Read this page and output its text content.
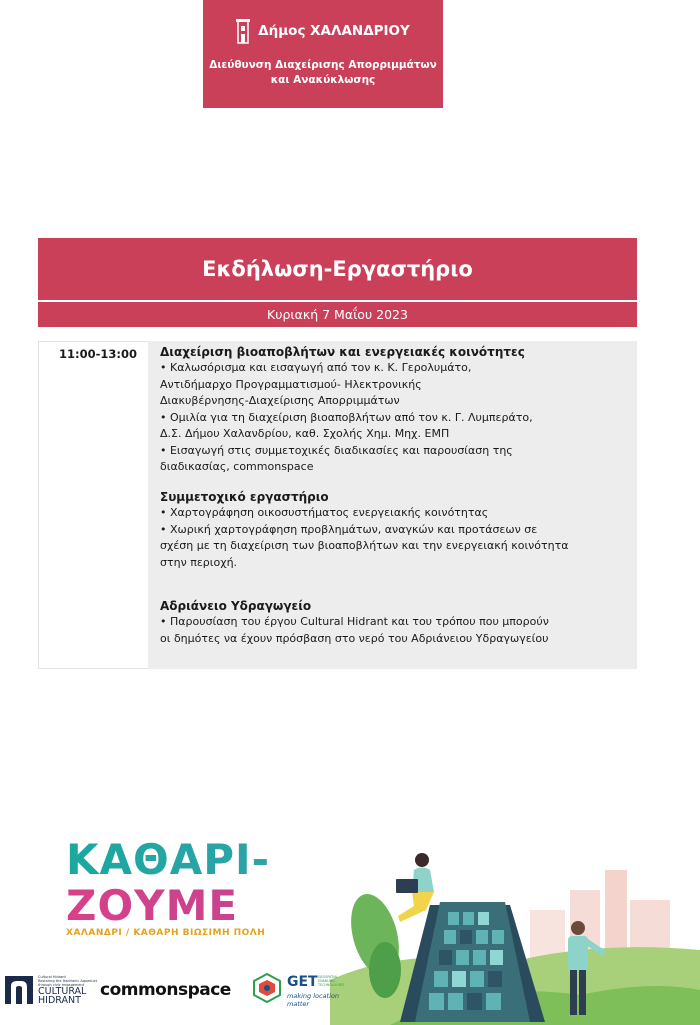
Δήμος ΧΑΛΑΝΔΡΙΟΥ
Διεύθυνση Διαχείρισης Απορριμμάτων
και Ανακύκλωσης
Εκδήλωση-Εργαστήριο
Κυριακή 7 Μαΐου 2023
11:00-13:00 Διαχείριση βιοαποβλήτων και ενεργειακές κοινότητες
• Καλωσόρισμα και εισαγωγή από τον κ. Κ. Γερολυμάτο,
Αντιδήμαρχο Προγραμματισμού- Ηλεκτρονικής
Διακυβέρνησης-Διαχείρισης Απορριμμάτων
• Ομιλία για τη διαχείριση βιοαποβλήτων από τον κ. Γ. Λυμπεράτο,
Δ.Σ. Δήμου Χαλανδρίου, καθ. Σχολής Χημ. Μηχ. ΕΜΠ
• Εισαγωγή στις συμμετοχικές διαδικασίες και παρουσίαση της
διαδικασίας, commonspace
Συμμετοχικό εργαστήριο
• Χαρτογράφηση οικοσυστήματος ενεργειακής κοινότητας
• Χωρική χαρτογράφηση προβλημάτων, αναγκών και προτάσεων σε
σχέση με τη διαχείριση των βιοαποβλήτων και την ενεργειακή κοινότητα
στην περιοχή.
Αδριάνειο Υδραγωγείο
• Παρουσίαση του έργου Cultural Hidrant και του τρόπου που μπορούν
οι δημότες να έχουν πρόσβαση στο νερό του Αδριάνειου Υδραγωγείου
ΚΑΘΑΡΙ-
ΖΟΥΜΕ
ΧΑΛΑΝΔΡΙ / ΚΑΘΑΡΗ ΒΙΩΣΙΜΗ ΠΟΛΗ
Cultural Hidrant
Restoring the Hadrianic Aqueduct
through civic engagement
CULTURAL
HIDRANT
commonspace	GET GEOSPATIAL
ENABLING
TECHNOLOGIES
making location matter
